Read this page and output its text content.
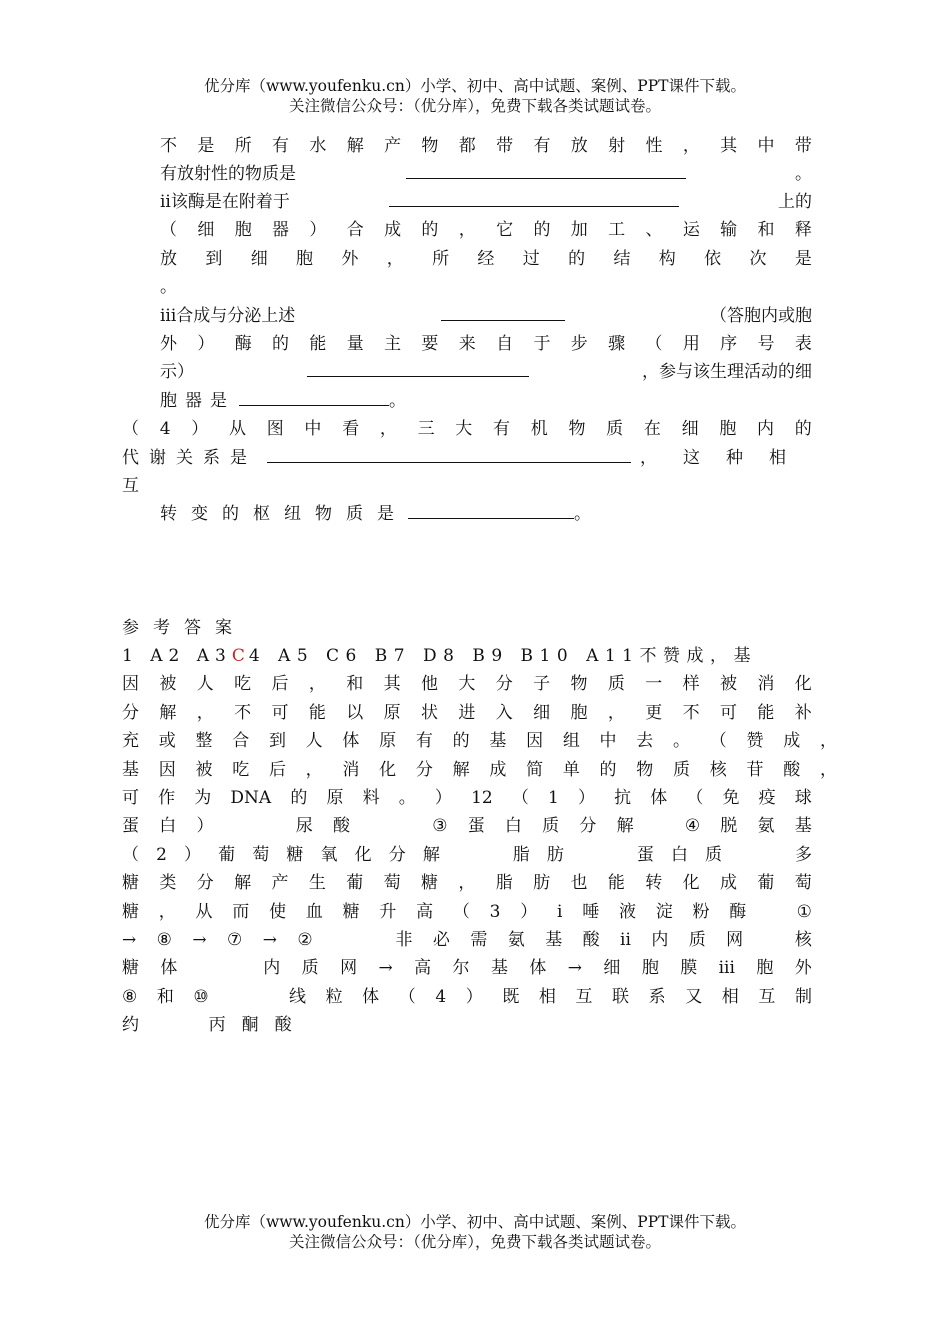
优分库（www.youfenku.cn）小学、初中、高中试题、案例、PPT课件下载。
关注微信公众号：（优分库），免费下载各类试题试卷。
不 是 所 有 水 解 产 物 都 带 有 放 射 性 ， 其 中 带
有放射性的物质是	。
ii该酶是在附着于	上的
（ 细 胞 器 ） 合 成 的 ， 它 的 加 工 、 运 输 和 释
放 到 细 胞 外 ， 所 经 过 的 结 构 依 次 是
。
iii合成与分泌上述	（答胞内或胞
外 ） 酶 的 能 量 主 要 来 自 于 步 骤 （ 用 序 号 表
示）	，参与该生理活动的细
胞器是	。
（ 4 ） 从 图 中 看 ， 三 大 有 机 物 质 在 细 胞 内 的
代谢关系是	，这种相
互
转变的枢纽物质是	。
参考答案
1 A2 A3 C 4 A5 C6 B7 D8 B9 B10 A11不赞成，基
因 被 人 吃 后 ， 和 其 他 大 分 子 物 质 一 样 被 消 化
分 解 ， 不 可 能 以 原 状 进 入 细 胞 ， 更 不 可 能 补
充 或 整 合 到 人 体 原 有 的 基 因 组 中 去 。 （ 赞 成 ，
基 因 被 吃 后 ， 消 化 分 解 成 简 单 的 物 质 核 苷 酸 ，
可 作 为 DNA 的 原 料 。 ） 12 （ 1 ） 抗 体 （ 免 疫 球
蛋 白 ）

	尿 酸

	③ 蛋 白 质 分 解
	④ 脱 氨 基
（ 2 ） 葡 萄 糖 氧 化 分 解

	脂 肪

	蛋 白 质

	多
糖 类 分 解 产 生 葡 萄 糖 ， 脂 肪 也 能 转 化 成 葡 萄
糖 ， 从 而 使 血 糖 升 高 （ 3 ） i 唾 液 淀 粉 酶
	①
→ ⑧ → ⑦ → ②

	非 必 需 氨 基 酸 ii 内 质 网
	核
糖 体

	内 质 网 → 高 尔 基 体 → 细 胞 膜 iii 胞 外
⑧ 和 ⑩

	线 粒 体 （ 4 ） 既 相 互 联 系 又 相 互 制
约

	丙 酮 酸
优分库（www.youfenku.cn）小学、初中、高中试题、案例、PPT课件下载。
关注微信公众号：（优分库），免费下载各类试题试卷。
